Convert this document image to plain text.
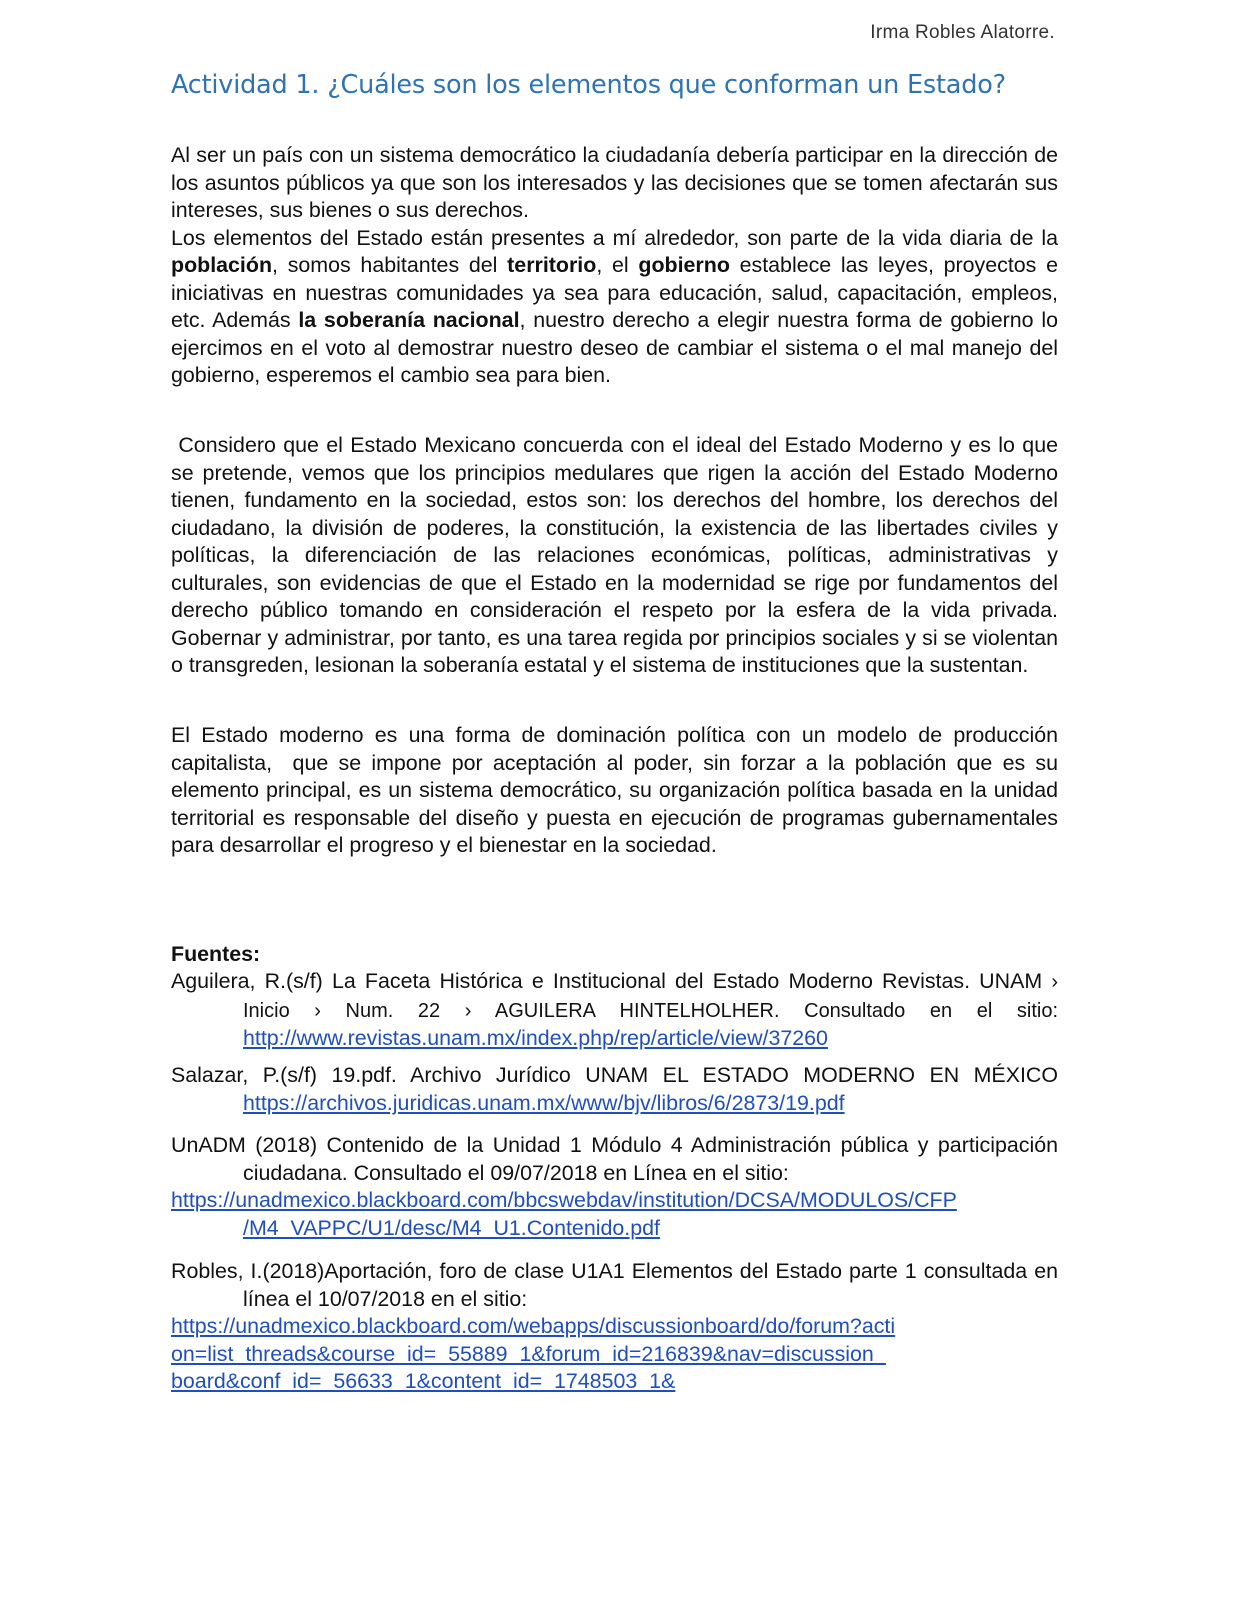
Irma Robles Alatorre.
Actividad 1. ¿Cuáles son los elementos que conforman un Estado?

Al ser un país con un sistema democrático la ciudadanía debería participar en la dirección de los asuntos públicos ya que son los interesados y las decisiones que se tomen afectarán sus intereses, sus bienes o sus derechos.
Los elementos del Estado están presentes a mí alrededor, son parte de la vida diaria de la población, somos habitantes del territorio, el gobierno establece las leyes, proyectos e iniciativas en nuestras comunidades ya sea para educación, salud, capacitación, empleos, etc. Además la soberanía nacional, nuestro derecho a elegir nuestra forma de gobierno lo ejercimos en el voto al demostrar nuestro deseo de cambiar el sistema o el mal manejo del gobierno, esperemos el cambio sea para bien.

Considero que el Estado Mexicano concuerda con el ideal del Estado Moderno y es lo que se pretende, vemos que los principios medulares que rigen la acción del Estado Moderno tienen, fundamento en la sociedad, estos son: los derechos del hombre, los derechos del ciudadano, la división de poderes, la constitución, la existencia de las libertades civiles y políticas, la diferenciación de las relaciones económicas, políticas, administrativas y culturales, son evidencias de que el Estado en la modernidad se rige por fundamentos del derecho público tomando en consideración el respeto por la esfera de la vida privada. Gobernar y administrar, por tanto, es una tarea regida por principios sociales y si se violentan o transgreden, lesionan la soberanía estatal y el sistema de instituciones que la sustentan.

El Estado moderno es una forma de dominación política con un modelo de producción capitalista,  que se impone por aceptación al poder, sin forzar a la población que es su elemento principal, es un sistema democrático, su organización política basada en la unidad territorial es responsable del diseño y puesta en ejecución de programas gubernamentales para desarrollar el progreso y el bienestar en la sociedad.

Fuentes:
Aguilera, R.(s/f) La Faceta Histórica e Institucional del Estado Moderno Revistas. UNAM › Inicio › Num. 22 › AGUILERA HINTELHOLHER. Consultado en el sitio: http://www.revistas.unam.mx/index.php/rep/article/view/37260
Salazar, P.(s/f) 19.pdf. Archivo Jurídico UNAM EL ESTADO MODERNO EN MÉXICO https://archivos.juridicas.unam.mx/www/bjv/libros/6/2873/19.pdf
UnADM (2018) Contenido de la Unidad 1 Módulo 4 Administración pública y participación ciudadana. Consultado el 09/07/2018 en Línea en el sitio:
https://unadmexico.blackboard.com/bbcswebdav/institution/DCSA/MODULOS/CFP
/M4_VAPPC/U1/desc/M4_U1.Contenido.pdf
Robles, I.(2018)Aportación, foro de clase U1A1 Elementos del Estado parte 1 consultada en línea el 10/07/2018 en el sitio:
https://unadmexico.blackboard.com/webapps/discussionboard/do/forum?acti
on=list_threads&course_id=_55889_1&forum_id=216839&nav=discussion_
board&conf_id=_56633_1&content_id=_1748503_1&
